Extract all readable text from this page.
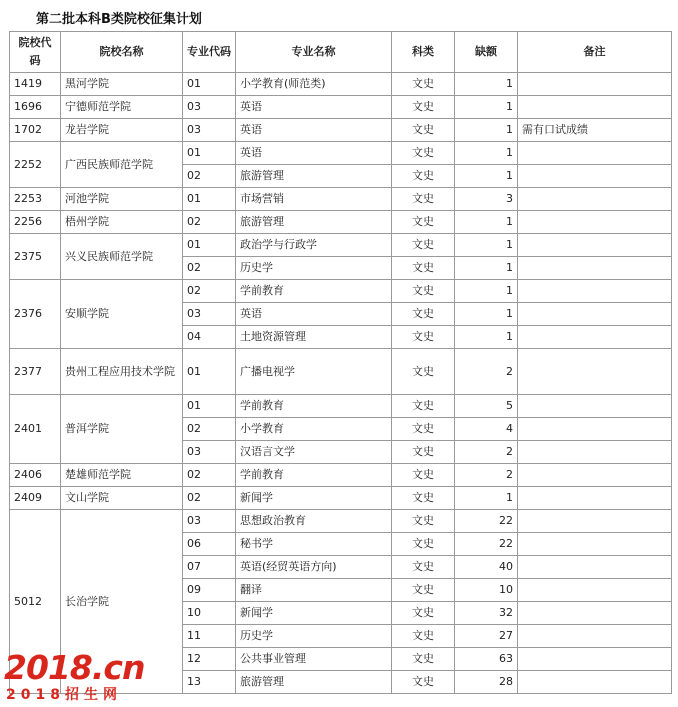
第二批本科B类院校征集计划
院校代码	院校名称	专业代码	专业名称	科类	缺额	备注
1419	黑河学院	01	小学教育(师范类)	文史	1	
1696	宁德师范学院	03	英语	文史	1	
1702	龙岩学院	03	英语	文史	1	需有口试成绩
2252	广西民族师范学院	01	英语	文史	1	
		02	旅游管理	文史	1	
2253	河池学院	01	市场营销	文史	3	
2256	梧州学院	02	旅游管理	文史	1	
2375	兴义民族师范学院	01	政治学与行政学	文史	1	
		02	历史学	文史	1	
2376	安顺学院	02	学前教育	文史	1	
		03	英语	文史	1	
		04	土地资源管理	文史	1	
2377	贵州工程应用技术学院	01	广播电视学	文史	2	
2401	普洱学院	01	学前教育	文史	5	
		02	小学教育	文史	4	
		03	汉语言文学	文史	2	
2406	楚雄师范学院	02	学前教育	文史	2	
2409	文山学院	02	新闻学	文史	1	
5012	长治学院	03	思想政治教育	文史	22	
		06	秘书学	文史	22	
		07	英语(经贸英语方向)	文史	40	
		09	翻译	文史	10	
		10	新闻学	文史	32	
		11	历史学	文史	27	
		12	公共事业管理	文史	63	
		13	旅游管理	文史	28	
2018.cn
2018招生网
